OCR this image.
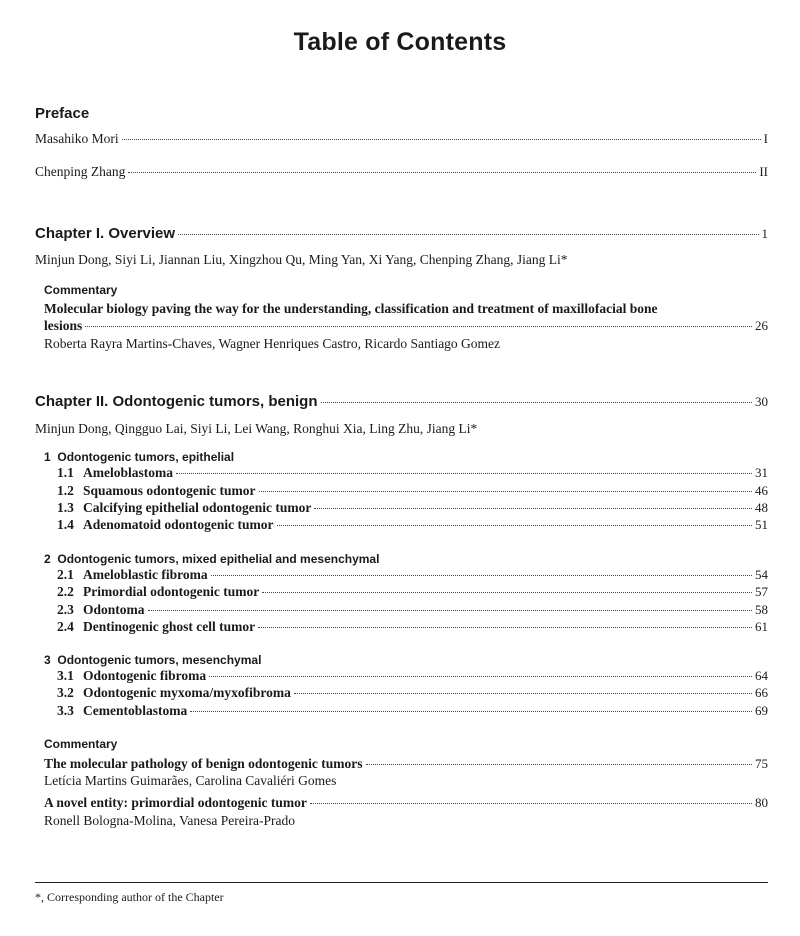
Table of Contents
Preface
Masahiko Mori	I
Chenping Zhang	II
Chapter I. Overview	1
Minjun Dong, Siyi Li, Jiannan Liu, Xingzhou Qu, Ming Yan, Xi Yang, Chenping Zhang, Jiang Li*
Commentary
Molecular biology paving the way for the understanding, classification and treatment of maxillofacial bone
lesions	26
Roberta Rayra Martins-Chaves, Wagner Henriques Castro, Ricardo Santiago Gomez
Chapter II. Odontogenic tumors, benign	30
Minjun Dong, Qingguo Lai, Siyi Li, Lei Wang, Ronghui Xia, Ling Zhu, Jiang Li*
1 Odontogenic tumors, epithelial
1.1 Ameloblastoma	31
1.2 Squamous odontogenic tumor	46
1.3 Calcifying epithelial odontogenic tumor	48
1.4 Adenomatoid odontogenic tumor	51
2 Odontogenic tumors, mixed epithelial and mesenchymal
2.1 Ameloblastic fibroma	54
2.2 Primordial odontogenic tumor	57
2.3 Odontoma	58
2.4 Dentinogenic ghost cell tumor	61
3 Odontogenic tumors, mesenchymal
3.1 Odontogenic fibroma	64
3.2 Odontogenic myxoma/myxofibroma	66
3.3 Cementoblastoma	69
Commentary
The molecular pathology of benign odontogenic tumors	75
Letícia Martins Guimarães, Carolina Cavaliéri Gomes
A novel entity: primordial odontogenic tumor	80
Ronell Bologna-Molina, Vanesa Pereira-Prado
*, Corresponding author of the Chapter
